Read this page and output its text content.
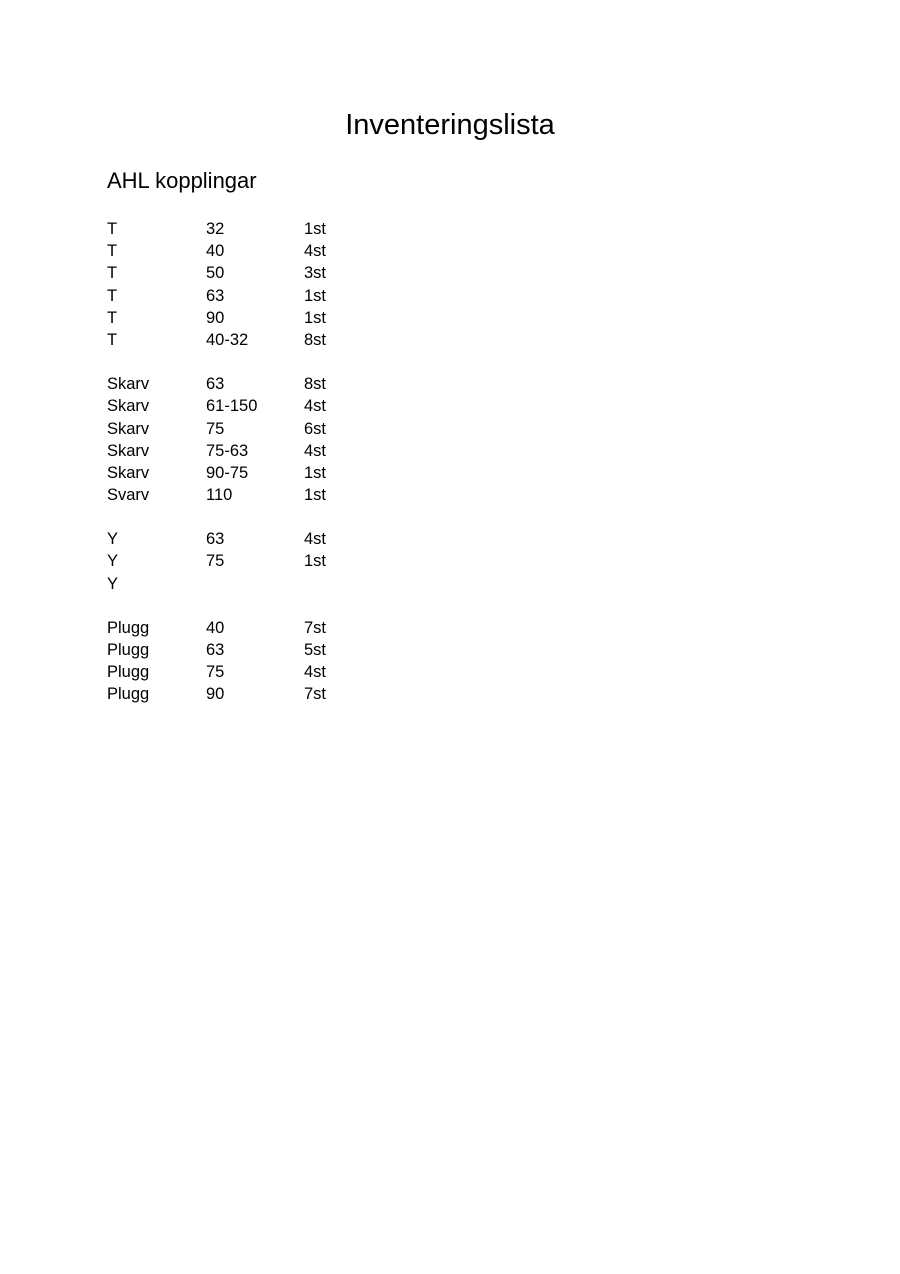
Inventeringslista
AHL kopplingar
T	32	1st
T	40	4st
T	50	3st
T	63	1st
T	90	1st
T	40-32	8st
Skarv	63	8st
Skarv	61-150	4st
Skarv	75	6st
Skarv	75-63	4st
Skarv	90-75	1st
Svarv	110	1st
Y	63	4st
Y	75	1st
Y
Plugg	40	7st
Plugg	63	5st
Plugg	75	4st
Plugg	90	7st
